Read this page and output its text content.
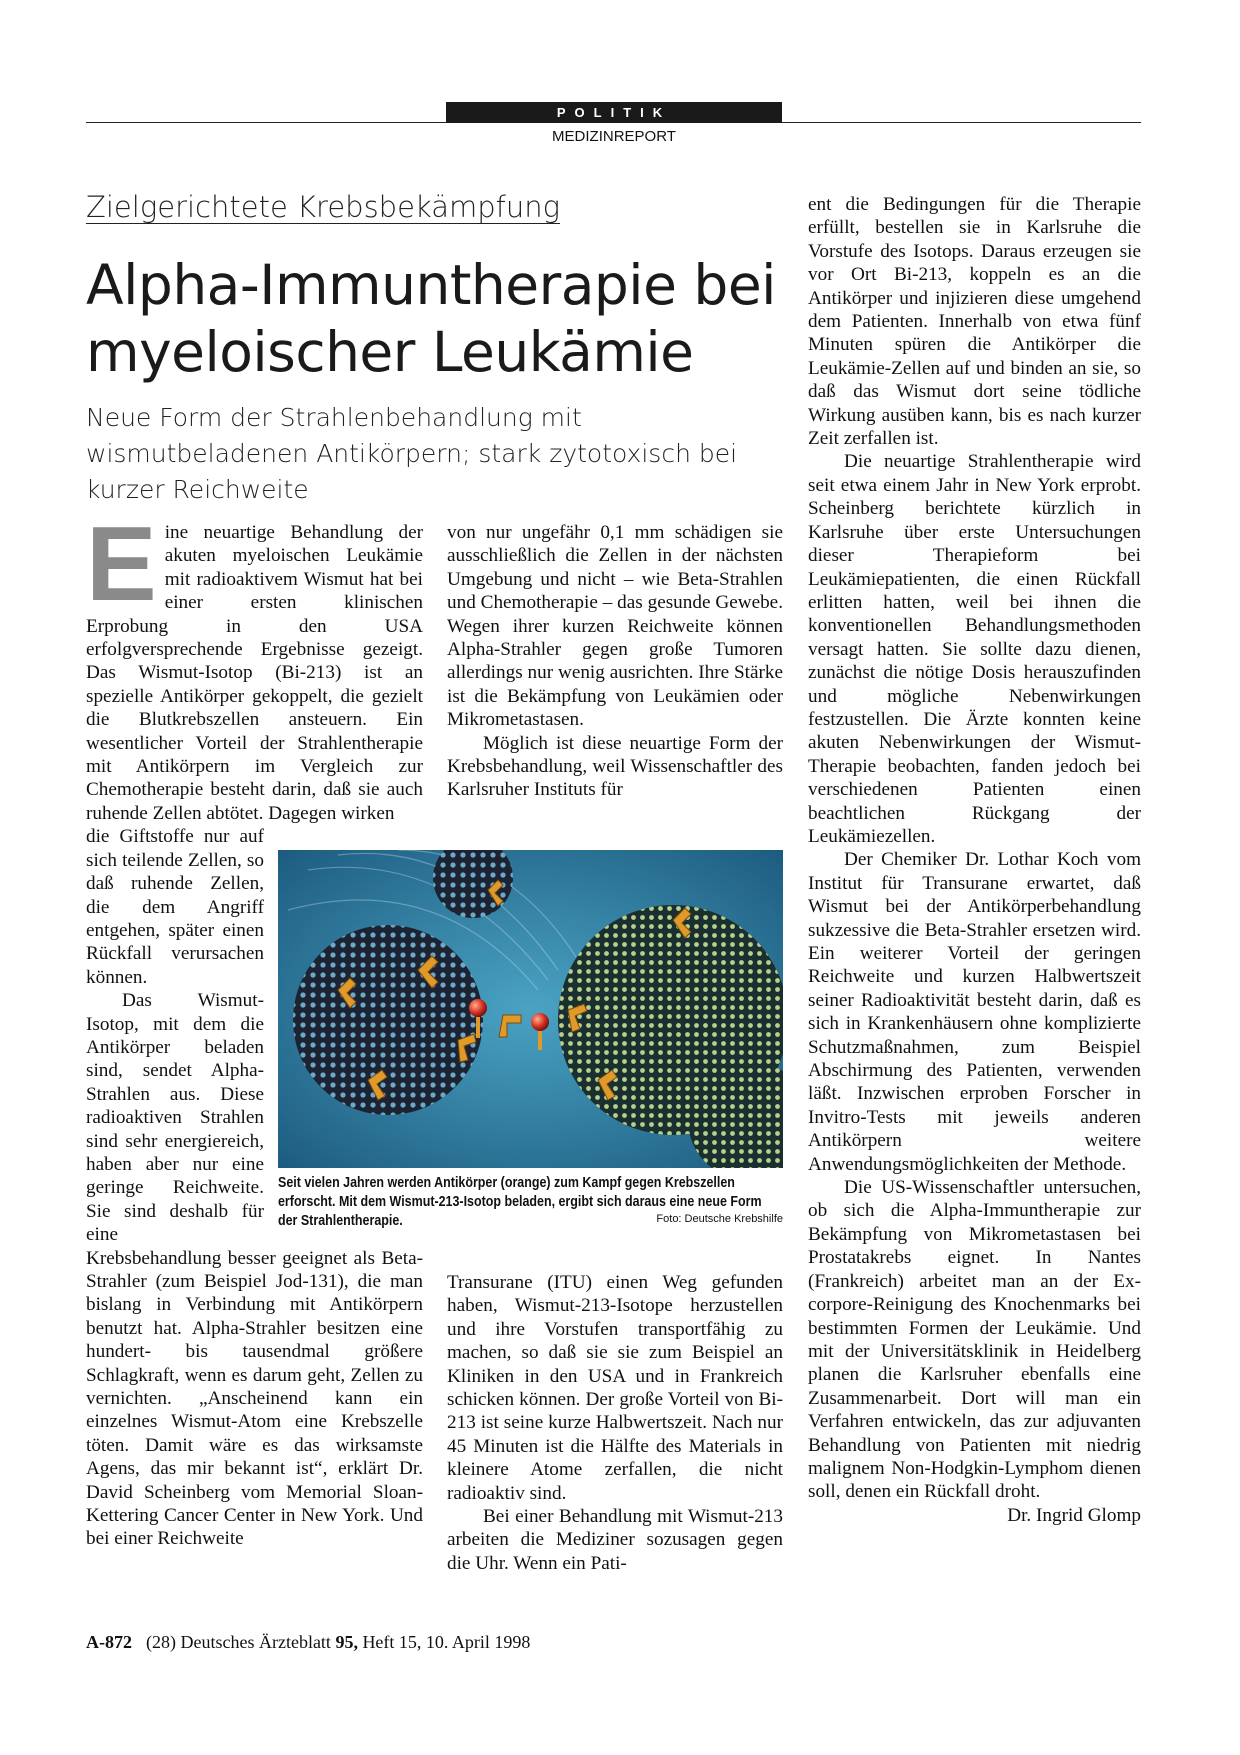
POLITIK
MEDIZINREPORT
Zielgerichtete Krebsbekämpfung
Alpha-Immuntherapie bei
myeloischer Leukämie
Neue Form der Strahlenbehandlung mit wismutbeladenen Antikörpern; stark zytotoxisch bei kurzer Reichweite

Eine neuartige Behandlung der akuten myeloischen Leukämie mit radioaktivem Wismut hat bei einer ersten klinischen Erprobung in den USA erfolgversprechende Ergebnisse gezeigt. Das Wismut-Isotop (Bi-213) ist an spezielle Antikörper gekoppelt, die gezielt die Blutkrebszellen ansteuern. Ein wesentlicher Vorteil der Strahlentherapie mit Antikörpern im Vergleich zur Chemotherapie besteht darin, daß sie auch ruhende Zellen abtötet. Dagegen wirken

die Giftstoffe nur auf sich teilende Zellen, so daß ruhende Zellen, die dem Angriff entgehen, später einen Rückfall verursachen können.

Das Wismut-Isotop, mit dem die Antikörper beladen sind, sendet Alpha-Strahlen aus. Diese radioaktiven Strahlen sind sehr energiereich, haben aber nur eine geringe Reichweite. Sie sind deshalb für eine

Krebsbehandlung besser geeignet als Beta-Strahler (zum Beispiel Jod-131), die man bislang in Verbindung mit Antikörpern benutzt hat. Alpha-Strahler besitzen eine hundert- bis tausendmal größere Schlagkraft, wenn es darum geht, Zellen zu vernichten. „Anscheinend kann ein einzelnes Wismut-Atom eine Krebszelle töten. Damit wäre es das wirksamste Agens, das mir bekannt ist“, erklärt Dr. David Scheinberg vom Memorial Sloan-Kettering Cancer Center in New York. Und bei einer Reichweite

von nur ungefähr 0,1 mm schädigen sie ausschließlich die Zellen in der nächsten Umgebung und nicht – wie Beta-Strahlen und Chemotherapie – das gesunde Gewebe. Wegen ihrer kurzen Reichweite können Alpha-Strahler gegen große Tumoren allerdings nur wenig ausrichten. Ihre Stärke ist die Bekämpfung von Leukämien oder Mikrometastasen.

Möglich ist diese neuartige Form der Krebsbehandlung, weil Wissenschaftler des Karlsruher Instituts für

Seit vielen Jahren werden Antikörper (orange) zum Kampf gegen Krebszellen erforscht. Mit dem Wismut-213-Isotop beladen, ergibt sich daraus eine neue Form der Strahlentherapie.	Foto: Deutsche Krebshilfe

Transurane (ITU) einen Weg gefunden haben, Wismut-213-Isotope herzustellen und ihre Vorstufen transportfähig zu machen, so daß sie sie zum Beispiel an Kliniken in den USA und in Frankreich schicken können. Der große Vorteil von Bi-213 ist seine kurze Halbwertszeit. Nach nur 45 Minuten ist die Hälfte des Materials in kleinere Atome zerfallen, die nicht radioaktiv sind.

Bei einer Behandlung mit Wismut-213 arbeiten die Mediziner sozusagen gegen die Uhr. Wenn ein Pati-

ent die Bedingungen für die Therapie erfüllt, bestellen sie in Karlsruhe die Vorstufe des Isotops. Daraus erzeugen sie vor Ort Bi-213, koppeln es an die Antikörper und injizieren diese umgehend dem Patienten. Innerhalb von etwa fünf Minuten spüren die Antikörper die Leukämie-Zellen auf und binden an sie, so daß das Wismut dort seine tödliche Wirkung ausüben kann, bis es nach kurzer Zeit zerfallen ist.

Die neuartige Strahlentherapie wird seit etwa einem Jahr in New York erprobt. Scheinberg berichtete kürzlich in Karlsruhe über erste Untersuchungen dieser Therapieform bei Leukämiepatienten, die einen Rückfall erlitten hatten, weil bei ihnen die konventionellen Behandlungsmethoden versagt hatten. Sie sollte dazu dienen, zunächst die nötige Dosis herauszufinden und mögliche Nebenwirkungen festzustellen. Die Ärzte konnten keine akuten Nebenwirkungen der Wismut-Therapie beobachten, fanden jedoch bei verschiedenen Patienten einen beachtlichen Rückgang der Leukämiezellen.

Der Chemiker Dr. Lothar Koch vom Institut für Transurane erwartet, daß Wismut bei der Antikörperbehandlung sukzessive die Beta-Strahler ersetzen wird. Ein weiterer Vorteil der geringen Reichweite und kurzen Halbwertszeit seiner Radioaktivität besteht darin, daß es sich in Krankenhäusern ohne komplizierte Schutzmaßnahmen, zum Beispiel Abschirmung des Patienten, verwenden läßt. Inzwischen erproben Forscher in Invitro-Tests mit jeweils anderen Antikörpern weitere Anwendungsmöglichkeiten der Methode.

Die US-Wissenschaftler untersuchen, ob sich die Alpha-Immuntherapie zur Bekämpfung von Mikrometastasen bei Prostatakrebs eignet. In Nantes (Frankreich) arbeitet man an der Ex-corpore-Reinigung des Knochenmarks bei bestimmten Formen der Leukämie. Und mit der Universitätsklinik in Heidelberg planen die Karlsruher ebenfalls eine Zusammenarbeit. Dort will man ein Verfahren entwickeln, das zur adjuvanten Behandlung von Patienten mit niedrig malignem Non-Hodgkin-Lymphom dienen soll, denen ein Rückfall droht.
Dr. Ingrid Glomp

A-872 (28) Deutsches Ärzteblatt 95, Heft 15, 10. April 1998
